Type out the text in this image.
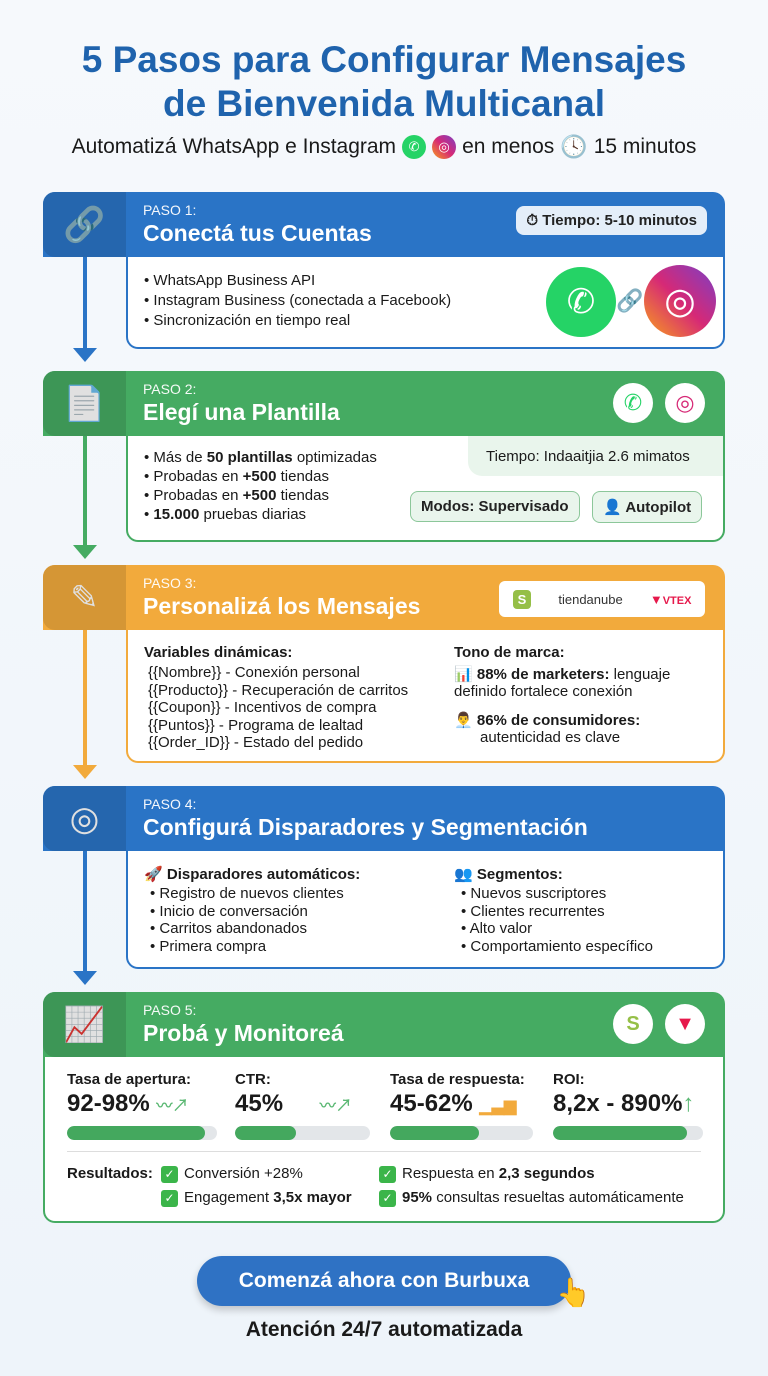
5 Pasos para Configurar Mensajes
de Bienvenida Multicanal
Automatizá WhatsApp e Instagram ✆	◎ en menos 🕓 15 minutos
🔗	PASO 1:
Conectá tus Cuentas	⏱ Tiempo: 5-10 minutos
• WhatsApp Business API
• Instagram Business (conectada a Facebook)
• Sincronización en tiempo real	✆	◎
🔗
📄	PASO 2:
Elegí una Plantilla	✆	◎
• Más de 50 plantillas optimizadas
• Probadas en +500 tiendas
• Probadas en +500 tiendas
• 15.000 pruebas diarias
Tiempo: Indaaitjia 2.6 mimatos
Modos: Supervisado	👤 Autopilot
✎	PASO 3:
Personalizá los Mensajes	S	tiendanube ▼VTEX
Variables dinámicas:
{{Nombre}} - Conexión personal
{{Producto}} - Recuperación de carritos
{{Coupon}} - Incentivos de compra
{{Puntos}} - Programa de lealtad
{{Order_ID}} - Estado del pedido
Tono de marca:
📊 88% de marketers: lenguaje definido fortalece conexión
👨‍💼 86% de consumidores:
autenticidad es clave
◎	PASO 4:
Configurá Disparadores y Segmentación
🚀 Disparadores automáticos:
• Registro de nuevos clientes
• Inicio de conversación
• Carritos abandonados
• Primera compra
👥 Segmentos:
• Nuevos suscriptores
• Clientes recurrentes
• Alto valor
• Comportamiento específico
📈	PASO 5:
Probá y Monitoreá	S	▼
Tasa de apertura:
92-98% 〰↗
CTR:
45% 〰↗
Tasa de respuesta:
45-62% ▁▃▆
ROI:
8,2x - 890%↑
Resultados: ✓ Conversión +28%
✓ Engagement 3,5x mayor
✓ Respuesta en 2,3 segundos
✓ 95% consultas resueltas automáticamente
Comenzá ahora con Burbuxa 👆
Atención 24/7 automatizada
